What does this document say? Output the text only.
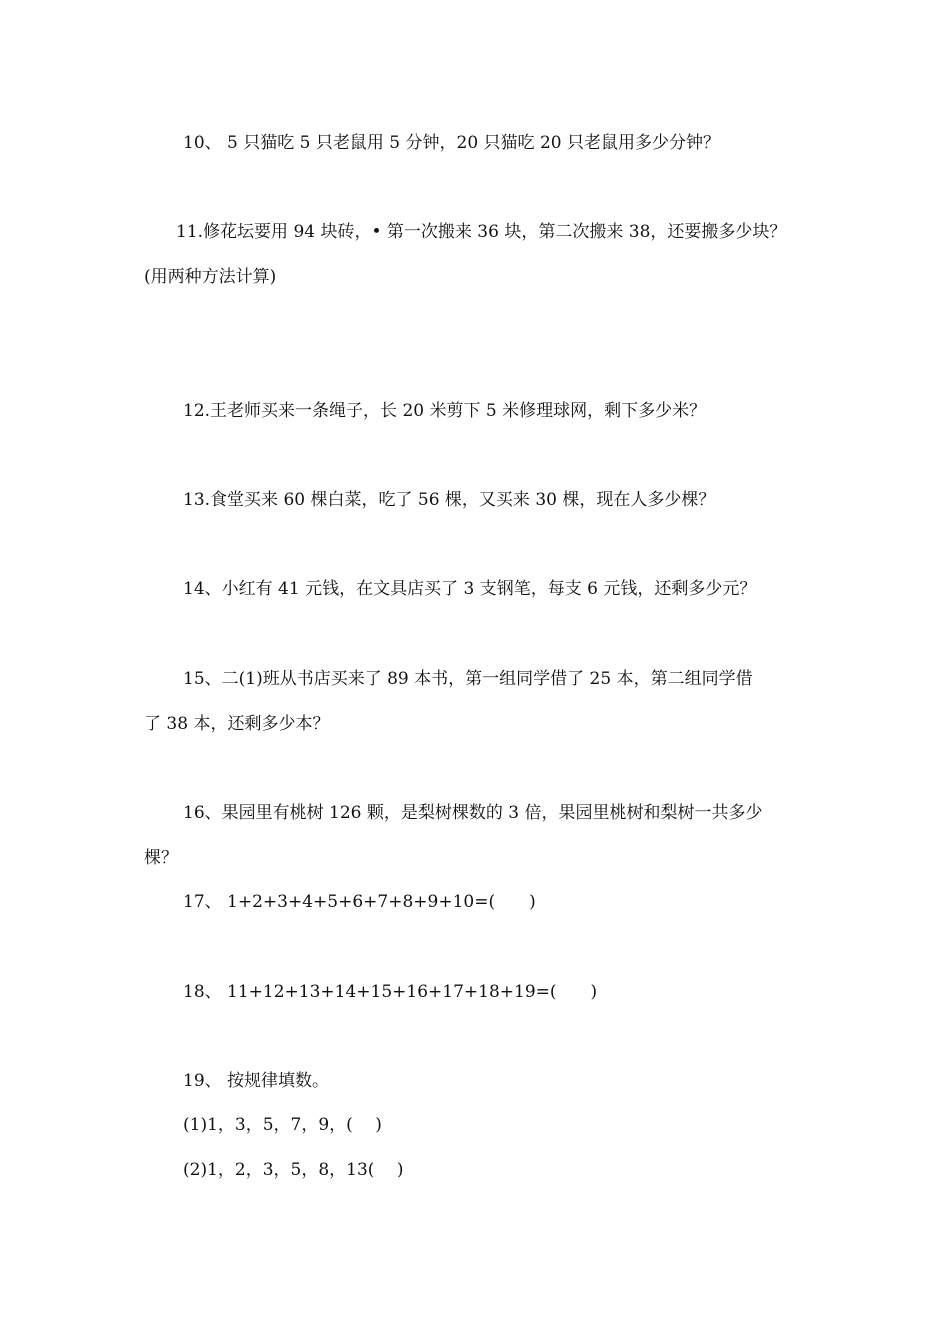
10、 5 只猫吃 5 只老鼠用 5 分钟，20 只猫吃 20 只老鼠用多少分钟？
11.修花坛要用 94 块砖，• 第一次搬来 36 块，第二次搬来 38，还要搬多少块？
(用两种方法计算)
12.王老师买来一条绳子，长 20 米剪下 5 米修理球网，剩下多少米？
13.食堂买来 60 棵白菜，吃了 56 棵，又买来 30 棵，现在人多少棵？
14、小红有 41 元钱，在文具店买了 3 支钢笔，每支 6 元钱，还剩多少元？
15、二(1)班从书店买来了 89 本书，第一组同学借了 25 本，第二组同学借
了 38 本，还剩多少本？
16、果园里有桃树 126 颗，是梨树棵数的 3 倍，果园里桃树和梨树一共多少
棵？
17、 1+2+3+4+5+6+7+8+9+10=(　　)
18、 11+12+13+14+15+16+17+18+19=(　　)
19、 按规律填数。
(1)1，3，5，7，9，(　 )
(2)1，2，3，5，8，13(　 )
